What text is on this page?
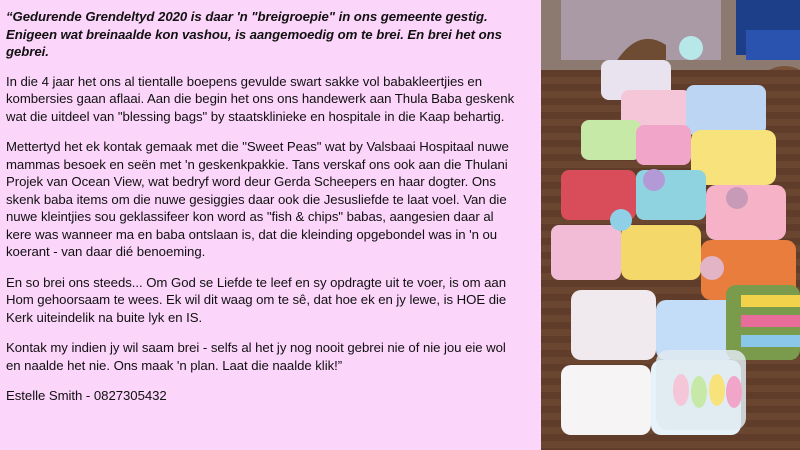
“Gedurende Grendeltyd 2020 is daar 'n "breigroepie" in ons gemeente gestig.
Enigeen wat breinaalde kon vashou, is aangemoedig om te brei. En brei het ons
gebrei.

In die 4 jaar het ons al tientalle boepens gevulde swart sakke vol babakleertjies en
kombersies gaan aflaai. Aan die begin het ons ons handewerk aan Thula Baba geskenk
wat die uitdeel van "blessing bags" by staatsklinieke en hospitale in die Kaap behartig.

Mettertyd het ek kontak gemaak met die "Sweet Peas" wat by Valsbaai Hospitaal nuwe
mammas besoek en seën met 'n geskenkpakkie. Tans verskaf ons ook aan die Thulani
Projek van Ocean View, wat bedryf word deur Gerda Scheepers en haar dogter. Ons
skenk baba items om die nuwe gesiggies daar ook die Jesusliefde te laat voel. Van die
nuwe kleintjies sou geklassifeer kon word as "fish & chips" babas, aangesien daar al
kere was wanneer ma en baba ontslaan is, dat die kleinding opgebondel was in 'n ou
koerant - van daar dié benoeming.

En so brei ons steeds... Om God se Liefde te leef en sy opdragte uit te voer, is om aan
Hom gehoorsaam te wees. Ek wil dit waag om te sê, dat hoe ek en jy lewe, is HOE die
Kerk uiteindelik na buite lyk en IS.

Kontak my indien jy wil saam brei - selfs al het jy nog nooit gebrei nie of nie jou eie wol
en naalde het nie. Ons maak 'n plan. Laat die naalde klik!”

Estelle Smith - 0827305432
